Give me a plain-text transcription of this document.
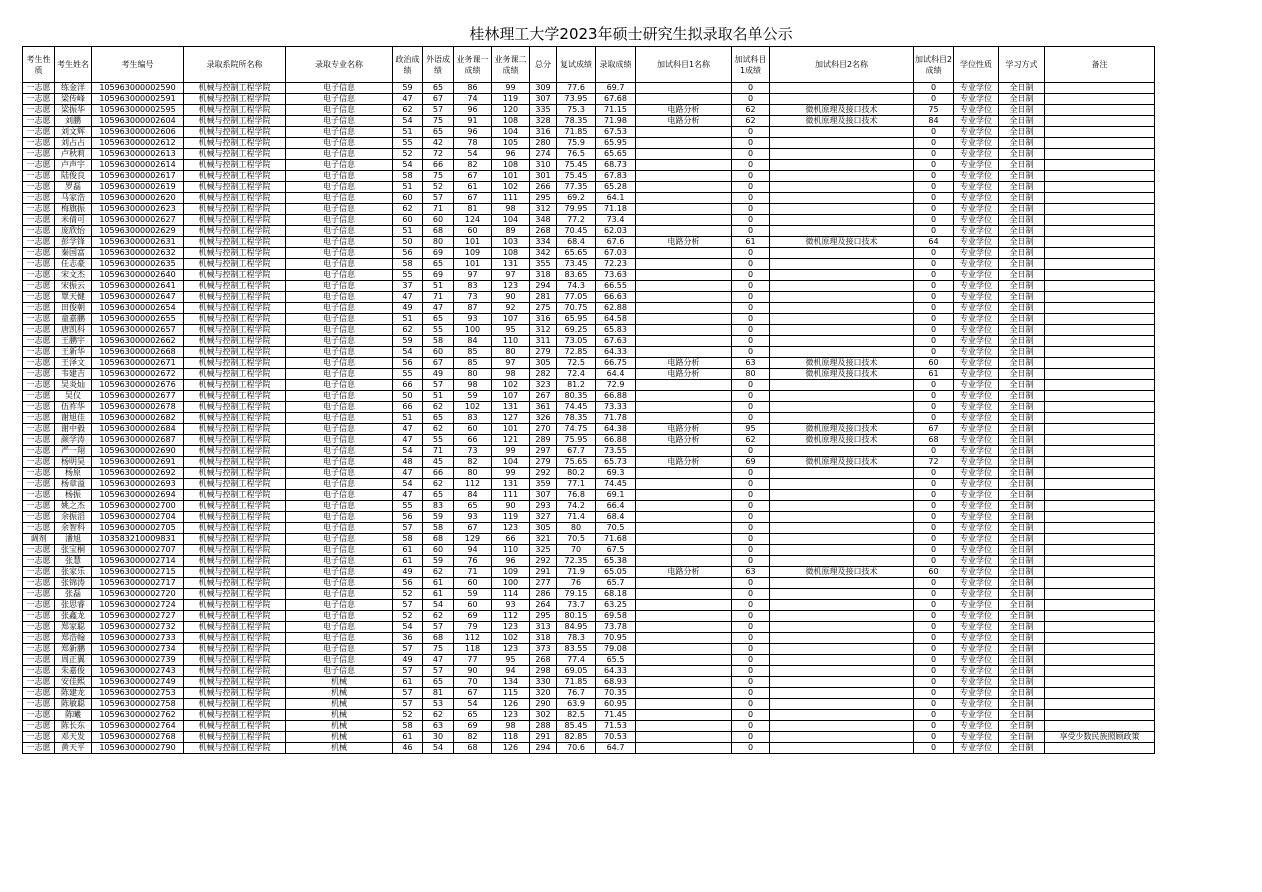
桂林理工大学2023年硕士研究生拟录取名单公示
考生性质	考生姓名	考生编号	录取系院所名称	录取专业名称	政治成绩	外语成绩	业务课一成绩	业务课二成绩	总分	复试成绩	录取成绩	加试科目1名称	加试科目1成绩	加试科目2名称	加试科目2成绩	学位性质	学习方式	备注
一志愿	练金洋	105963000002590	机械与控制工程学院	电子信息	59	65	86	99	309	77.6	69.7		0		0	专业学位	全日制	
一志愿	梁传峰	105963000002591	机械与控制工程学院	电子信息	47	67	74	119	307	73.95	67.68		0		0	专业学位	全日制	
一志愿	梁振华	105963000002595	机械与控制工程学院	电子信息	62	57	96	120	335	75.3	71.15	电路分析	62	微机原理及接口技术	75	专业学位	全日制	
一志愿	刘鹏	105963000002604	机械与控制工程学院	电子信息	54	75	91	108	328	78.35	71.98	电路分析	62	微机原理及接口技术	84	专业学位	全日制	
一志愿	刘文辉	105963000002606	机械与控制工程学院	电子信息	51	65	96	104	316	71.85	67.53		0		0	专业学位	全日制	
一志愿	刘占占	105963000002612	机械与控制工程学院	电子信息	55	42	78	105	280	75.9	65.95		0		0	专业学位	全日制	
一志愿	卢秋莉	105963000002613	机械与控制工程学院	电子信息	52	72	54	96	274	76.5	65.65		0		0	专业学位	全日制	
一志愿	卢声宇	105963000002614	机械与控制工程学院	电子信息	54	66	82	108	310	75.45	68.73		0		0	专业学位	全日制	
一志愿	陆俊良	105963000002617	机械与控制工程学院	电子信息	58	75	67	101	301	75.45	67.83		0		0	专业学位	全日制	
一志愿	罗磊	105963000002619	机械与控制工程学院	电子信息	51	52	61	102	266	77.35	65.28		0		0	专业学位	全日制	
一志愿	马家浩	105963000002620	机械与控制工程学院	电子信息	60	57	67	111	295	69.2	64.1		0		0	专业学位	全日制	
一志愿	梅旗振	105963000002623	机械与控制工程学院	电子信息	62	71	81	98	312	79.95	71.18		0		0	专业学位	全日制	
一志愿	米倩可	105963000002627	机械与控制工程学院	电子信息	60	60	124	104	348	77.2	73.4		0		0	专业学位	全日制	
一志愿	庞欣怡	105963000002629	机械与控制工程学院	电子信息	51	68	60	89	268	70.45	62.03		0		0	专业学位	全日制	
一志愿	彭学锋	105963000002631	机械与控制工程学院	电子信息	50	80	101	103	334	68.4	67.6	电路分析	61	微机原理及接口技术	64	专业学位	全日制	
一志愿	秦国富	105963000002632	机械与控制工程学院	电子信息	56	69	109	108	342	65.65	67.03		0		0	专业学位	全日制	
一志愿	任志豪	105963000002635	机械与控制工程学院	电子信息	58	65	101	131	355	73.45	72.23		0		0	专业学位	全日制	
一志愿	宋文杰	105963000002640	机械与控制工程学院	电子信息	55	69	97	97	318	83.65	73.63		0		0	专业学位	全日制	
一志愿	宋振云	105963000002641	机械与控制工程学院	电子信息	37	51	83	123	294	74.3	66.55		0		0	专业学位	全日制	
一志愿	覃天健	105963000002647	机械与控制工程学院	电子信息	47	71	73	90	281	77.05	66.63		0		0	专业学位	全日制	
一志愿	田俊朝	105963000002654	机械与控制工程学院	电子信息	49	47	87	92	275	70.75	62.88		0		0	专业学位	全日制	
一志愿	童嘉鹏	105963000002655	机械与控制工程学院	电子信息	51	65	93	107	316	65.95	64.58		0		0	专业学位	全日制	
一志愿	唐凯科	105963000002657	机械与控制工程学院	电子信息	62	55	100	95	312	69.25	65.83		0		0	专业学位	全日制	
一志愿	王鹏宇	105963000002662	机械与控制工程学院	电子信息	59	58	84	110	311	73.05	67.63		0		0	专业学位	全日制	
一志愿	王新华	105963000002668	机械与控制工程学院	电子信息	54	60	85	80	279	72.85	64.33		0		0	专业学位	全日制	
一志愿	王泽文	105963000002671	机械与控制工程学院	电子信息	56	67	85	97	305	72.5	66.75	电路分析	63	微机原理及接口技术	60	专业学位	全日制	
一志愿	韦建吉	105963000002672	机械与控制工程学院	电子信息	55	49	80	98	282	72.4	64.4	电路分析	80	微机原理及接口技术	61	专业学位	全日制	
一志愿	吴炎灿	105963000002676	机械与控制工程学院	电子信息	66	57	98	102	323	81.2	72.9		0		0	专业学位	全日制	
一志愿	吴仪	105963000002677	机械与控制工程学院	电子信息	50	51	59	107	267	80.35	66.88		0		0	专业学位	全日制	
一志愿	伍祚华	105963000002678	机械与控制工程学院	电子信息	66	62	102	131	361	74.45	73.33		0		0	专业学位	全日制	
一志愿	谢旭佳	105963000002682	机械与控制工程学院	电子信息	51	65	83	127	326	78.35	71.78		0		0	专业学位	全日制	
一志愿	谢中毅	105963000002684	机械与控制工程学院	电子信息	47	62	60	101	270	74.75	64.38	电路分析	95	微机原理及接口技术	67	专业学位	全日制	
一志愿	颜学涛	105963000002687	机械与控制工程学院	电子信息	47	55	66	121	289	75.95	66.88	电路分析	62	微机原理及接口技术	68	专业学位	全日制	
一志愿	严一翔	105963000002690	机械与控制工程学院	电子信息	54	71	73	99	297	67.7	73.55		0		0	专业学位	全日制	
一志愿	杨明昊	105963000002691	机械与控制工程学院	电子信息	48	45	82	104	279	75.65	65.73	电路分析	69	微机原理及接口技术	72	专业学位	全日制	
一志愿	杨原	105963000002692	机械与控制工程学院	电子信息	47	66	80	99	292	80.2	69.3		0		0	专业学位	全日制	
一志愿	杨章溢	105963000002693	机械与控制工程学院	电子信息	54	62	112	131	359	77.1	74.45		0		0	专业学位	全日制	
一志愿	杨振	105963000002694	机械与控制工程学院	电子信息	47	65	84	111	307	76.8	69.1		0		0	专业学位	全日制	
一志愿	姚之杰	105963000002700	机械与控制工程学院	电子信息	55	83	65	90	293	74.2	66.4		0		0	专业学位	全日制	
一志愿	余振滔	105963000002704	机械与控制工程学院	电子信息	56	59	93	119	327	71.4	68.4		0		0	专业学位	全日制	
一志愿	余智科	105963000002705	机械与控制工程学院	电子信息	57	58	67	123	305	80	70.5		0		0	专业学位	全日制	
调剂	潘旭	103583210009831	机械与控制工程学院	电子信息	58	68	129	66	321	70.5	71.68		0		0	专业学位	全日制	
一志愿	张宝桐	105963000002707	机械与控制工程学院	电子信息	61	60	94	110	325	70	67.5		0		0	专业学位	全日制	
一志愿	张慧	105963000002714	机械与控制工程学院	电子信息	61	59	76	96	292	72.35	65.38		0		0	专业学位	全日制	
一志愿	张家乐	105963000002715	机械与控制工程学院	电子信息	49	62	71	109	291	71.9	65.05	电路分析	63	微机原理及接口技术	60	专业学位	全日制	
一志愿	张锦涛	105963000002717	机械与控制工程学院	电子信息	56	61	60	100	277	76	65.7		0		0	专业学位	全日制	
一志愿	张磊	105963000002720	机械与控制工程学院	电子信息	52	61	59	114	286	79.15	68.18		0		0	专业学位	全日制	
一志愿	张思睿	105963000002724	机械与控制工程学院	电子信息	57	54	60	93	264	73.7	63.25		0		0	专业学位	全日制	
一志愿	张鑫龙	105963000002727	机械与控制工程学院	电子信息	52	62	69	112	295	80.15	69.58		0		0	专业学位	全日制	
一志愿	郑家聪	105963000002732	机械与控制工程学院	电子信息	54	57	79	123	313	84.95	73.78		0		0	专业学位	全日制	
一志愿	郑浩翰	105963000002733	机械与控制工程学院	电子信息	36	68	112	102	318	78.3	70.95		0		0	专业学位	全日制	
一志愿	郑新鹏	105963000002734	机械与控制工程学院	电子信息	57	75	118	123	373	83.55	79.08		0		0	专业学位	全日制	
一志愿	周正翼	105963000002739	机械与控制工程学院	电子信息	49	47	77	95	268	77.4	65.5		0		0	专业学位	全日制	
一志愿	朱嘉俊	105963000002743	机械与控制工程学院	电子信息	57	57	90	94	298	69.05	64.33		0		0	专业学位	全日制	
一志愿	安佳熙	105963000002749	机械与控制工程学院	机械	61	65	70	134	330	71.85	68.93		0		0	专业学位	全日制	
一志愿	陈建龙	105963000002753	机械与控制工程学院	机械	57	81	67	115	320	76.7	70.35		0		0	专业学位	全日制	
一志愿	陈敏聪	105963000002758	机械与控制工程学院	机械	57	53	54	126	290	63.9	60.95		0		0	专业学位	全日制	
一志愿	陈曦	105963000002762	机械与控制工程学院	机械	52	62	65	123	302	82.5	71.45		0		0	专业学位	全日制	
一志愿	陈长东	105963000002764	机械与控制工程学院	机械	58	63	69	98	288	85.45	71.53		0		0	专业学位	全日制	
一志愿	邓天发	105963000002768	机械与控制工程学院	机械	61	30	82	118	291	82.85	70.53		0		0	专业学位	全日制	享受少数民族照顾政策
一志愿	黄天平	105963000002790	机械与控制工程学院	机械	46	54	68	126	294	70.6	64.7		0		0	专业学位	全日制	
